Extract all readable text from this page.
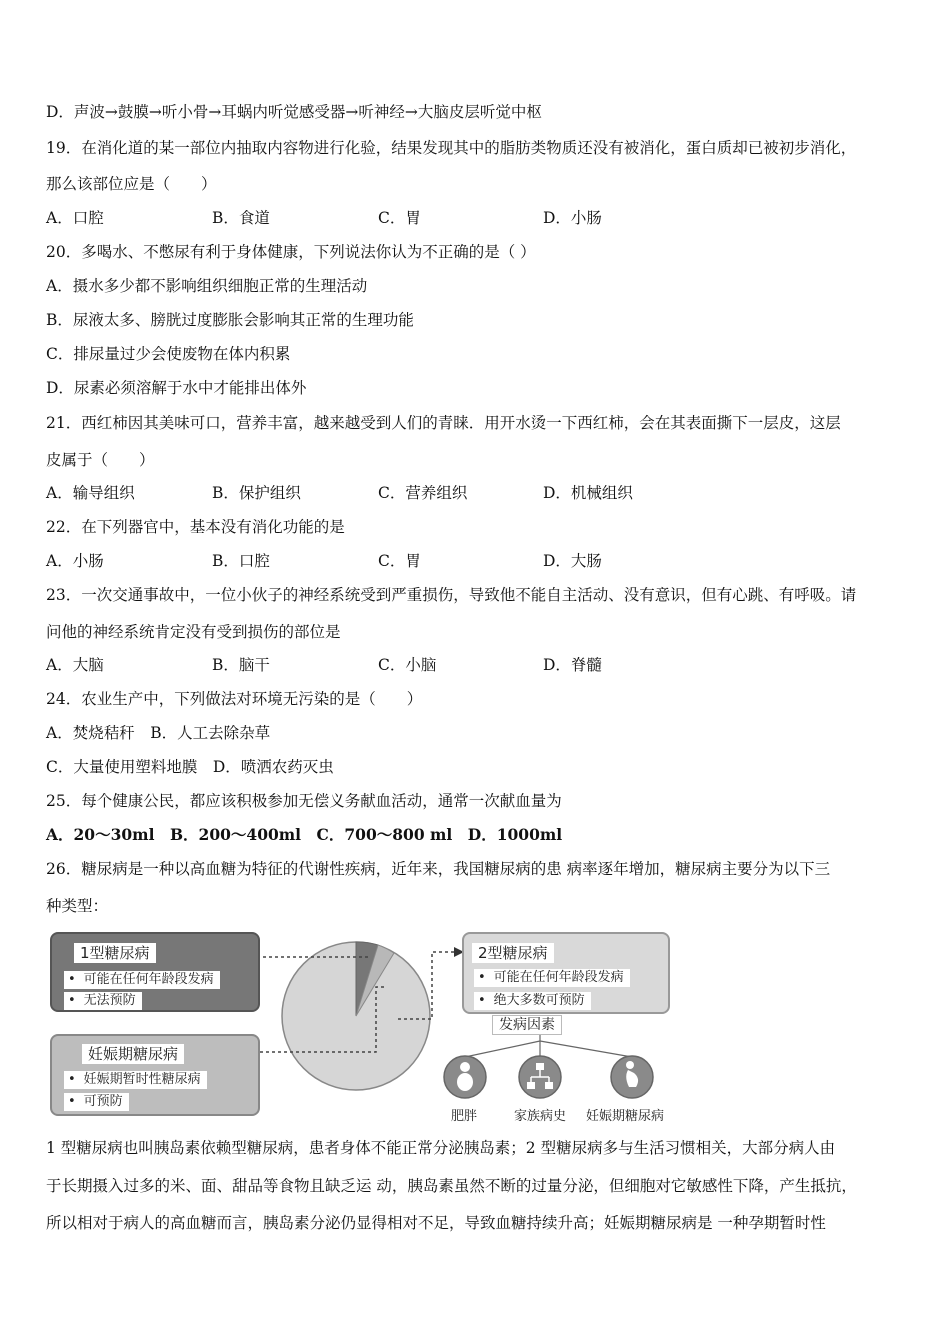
D．声波→鼓膜→听小骨→耳蜗内听觉感受器→听神经→大脑皮层听觉中枢
19．在消化道的某一部位内抽取内容物进行化验，结果发现其中的脂肪类物质还没有被消化，蛋白质却已被初步消化，
那么该部位应是（　　）
A．口腔	B．食道	C．胃	D．小肠
20．多喝水、不憋尿有利于身体健康，下列说法你认为不正确的是（ ）
A．摄水多少都不影响组织细胞正常的生理活动
B．尿液太多、膀胱过度膨胀会影响其正常的生理功能
C．排尿量过少会使废物在体内积累
D．尿素必须溶解于水中才能排出体外
21．西红柿因其美味可口，营养丰富，越来越受到人们的青睐．用开水烫一下西红柿，会在其表面撕下一层皮，这层
皮属于（　　）
A．输导组织	B．保护组织	C．营养组织	D．机械组织
22．在下列器官中，基本没有消化功能的是
A．小肠	B．口腔	C．胃	D．大肠
23．一次交通事故中，一位小伙子的神经系统受到严重损伤，导致他不能自主活动、没有意识，但有心跳、有呼吸。请
问他的神经系统肯定没有受到损伤的部位是
A．大脑	B．脑干	C．小脑	D．脊髓
24．农业生产中，下列做法对环境无污染的是（　　）
A．焚烧秸秆　B．人工去除杂草
C．大量使用塑料地膜　D．喷洒农药灭虫
25．每个健康公民，都应该积极参加无偿义务献血活动，通常一次献血量为
A．20～30ml　B．200～400ml　C．700～800 ml　D．1000ml
26．糖尿病是一种以高血糖为特征的代谢性疾病，近年来，我国糖尿病的患 病率逐年增加，糖尿病主要分为以下三
种类型：
1型糖尿病
• 可能在任何年龄段发病
• 无法预防
妊娠期糖尿病
• 妊娠期暂时性糖尿病
• 可预防
2型糖尿病
• 可能在任何年龄段发病
• 绝大多数可预防
发病因素
肥胖	家族病史 妊娠期糖尿病
1 型糖尿病也叫胰岛素依赖型糖尿病，患者身体不能正常分泌胰岛素；2 型糖尿病多与生活习惯相关，大部分病人由
于长期摄入过多的米、面、甜品等食物且缺乏运 动，胰岛素虽然不断的过量分泌，但细胞对它敏感性下降，产生抵抗，
所以相对于病人的高血糖而言，胰岛素分泌仍显得相对不足，导致血糖持续升高；妊娠期糖尿病是 一种孕期暂时性
